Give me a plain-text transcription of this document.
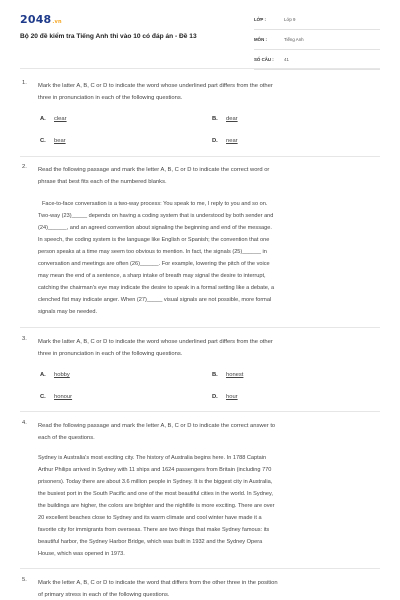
2048.vn
Bộ 20 đề kiểm tra Tiếng Anh thi vào 10 có đáp án - Đề 13
LỚP :	Lớp 9
MÔN :	Tiếng Anh
SỐ CÂU : 41
1. Mark the latter A, B, C or D to indicate the word whose underlined part differs from the other
three in pronunciation in each of the following questions.
A. clear	B. dear
C. bear	D. near
2. Read the following passage and mark the letter A, B, C or D to indicate the correct word or
phrase that best fits each of the numbered blanks.
Face-to-face conversation is a two-way process: You speak to me, I reply to you and so on.
Two-way (23)_____ depends on having a coding system that is understood by both sender and
(24)______, and an agreed convention about signaling the beginning and end of the message.
In speech, the coding system is the language like English or Spanish; the convention that one
person speaks at a time may seem too obvious to mention. In fact, the signals (25)______ in
conversation and meetings are often (26)______. For example, lowering the pitch of the voice
may mean the end of a sentence, a sharp intake of breath may signal the desire to interrupt,
catching the chairman's eye may indicate the desire to speak in a formal setting like a debate, a
clenched fist may indicate anger. When (27)_____ visual signals are not possible, more formal
signals may be needed.
3. Mark the latter A, B, C or D to indicate the word whose underlined part differs from the other
three in pronunciation in each of the following questions.
A. hobby	B. honest
C. honour	D. hour
4. Read the following passage and mark the letter A, B, C or D to indicate the correct answer to
each of the questions.
Sydney is Australia's most exciting city. The history of Australia begins here. In 1788 Captain
Arthur Philips arrived in Sydney with 11 ships and 1624 passengers from Britain (including 770
prisoners). Today there are about 3.6 million people in Sydney. It is the biggest city in Australia,
the busiest port in the South Pacific and one of the most beautiful cities in the world. In Sydney,
the buildings are higher, the colors are brighter and the nightlife is more exciting. There are over
20 excellent beaches close to Sydney and its warm climate and cool winter have made it a
favorite city for immigrants from overseas. There are two things that make Sydney famous: its
beautiful harbor, the Sydney Harbor Bridge, which was built in 1932 and the Sydney Opera
House, which was opened in 1973.
5. Mark the letter A, B, C or D to indicate the word that differs from the other three in the position
of primary stress in each of the following questions.
